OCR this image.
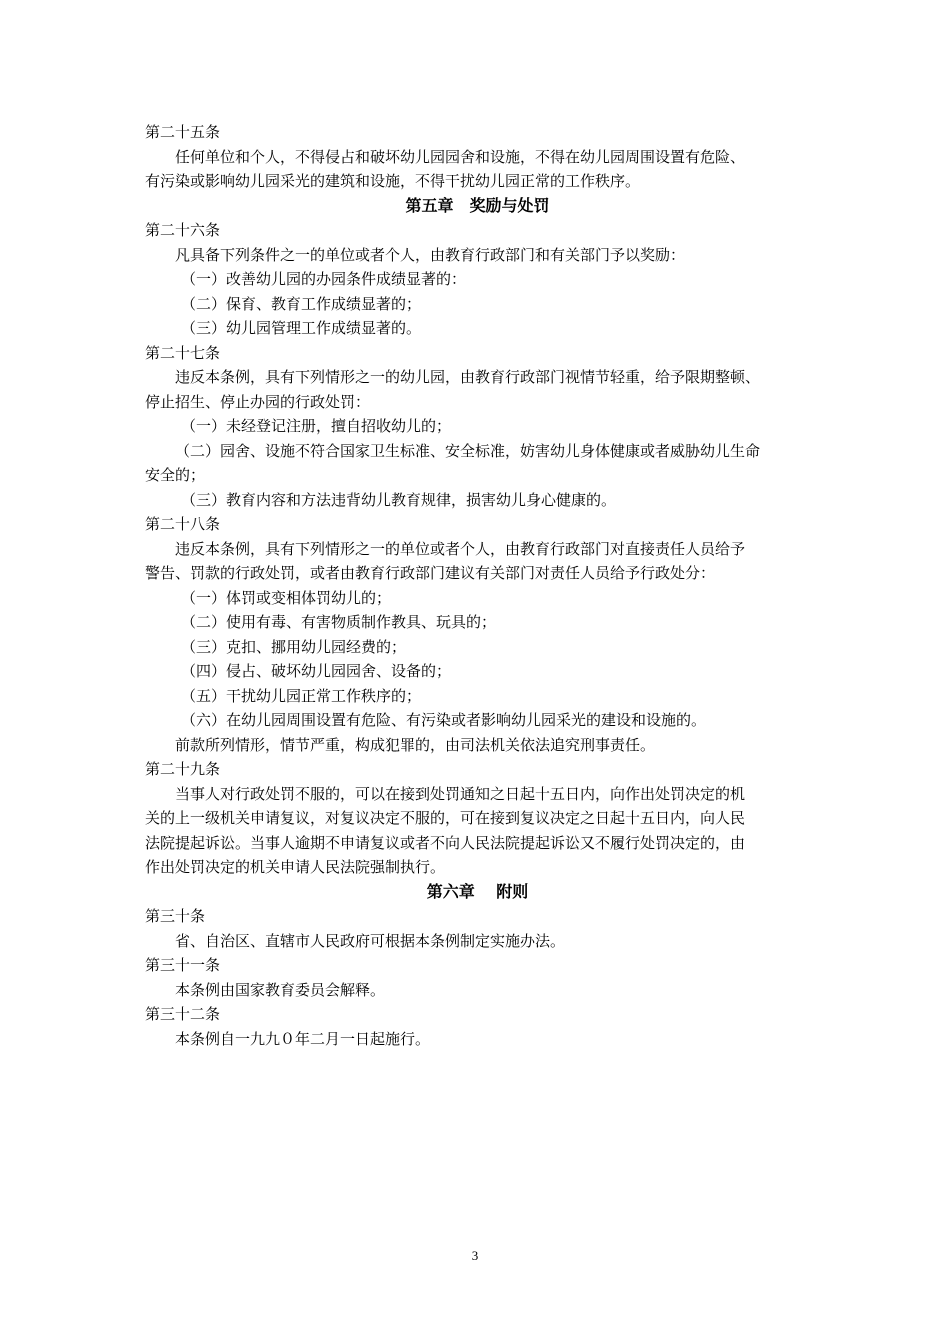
第二十五条
任何单位和个人，不得侵占和破坏幼儿园园舍和设施，不得在幼儿园周围设置有危险、
有污染或影响幼儿园采光的建筑和设施，不得干扰幼儿园正常的工作秩序。
第五章　奖励与处罚
第二十六条
凡具备下列条件之一的单位或者个人，由教育行政部门和有关部门予以奖励：
（一）改善幼儿园的办园条件成绩显著的：
（二）保育、教育工作成绩显著的；
（三）幼儿园管理工作成绩显著的。
第二十七条
违反本条例，具有下列情形之一的幼儿园，由教育行政部门视情节轻重，给予限期整顿、
停止招生、停止办园的行政处罚：
（一）未经登记注册，擅自招收幼儿的；
（二）园舍、设施不符合国家卫生标准、安全标准，妨害幼儿身体健康或者威胁幼儿生命
安全的；
（三）教育内容和方法违背幼儿教育规律，损害幼儿身心健康的。
第二十八条
违反本条例，具有下列情形之一的单位或者个人，由教育行政部门对直接责任人员给予
警告、罚款的行政处罚，或者由教育行政部门建议有关部门对责任人员给予行政处分：
（一）体罚或变相体罚幼儿的；
（二）使用有毒、有害物质制作教具、玩具的；
（三）克扣、挪用幼儿园经费的；
（四）侵占、破坏幼儿园园舍、设备的；
（五）干扰幼儿园正常工作秩序的；
（六）在幼儿园周围设置有危险、有污染或者影响幼儿园采光的建设和设施的。
前款所列情形，情节严重，构成犯罪的，由司法机关依法追究刑事责任。
第二十九条
当事人对行政处罚不服的，可以在接到处罚通知之日起十五日内，向作出处罚决定的机
关的上一级机关申请复议，对复议决定不服的，可在接到复议决定之日起十五日内，向人民
法院提起诉讼。当事人逾期不申请复议或者不向人民法院提起诉讼又不履行处罚决定的，由
作出处罚决定的机关申请人民法院强制执行。
第六章　 附则
第三十条
省、自治区、直辖市人民政府可根据本条例制定实施办法。
第三十一条
本条例由国家教育委员会解释。
第三十二条
本条例自一九九０年二月一日起施行。
3
